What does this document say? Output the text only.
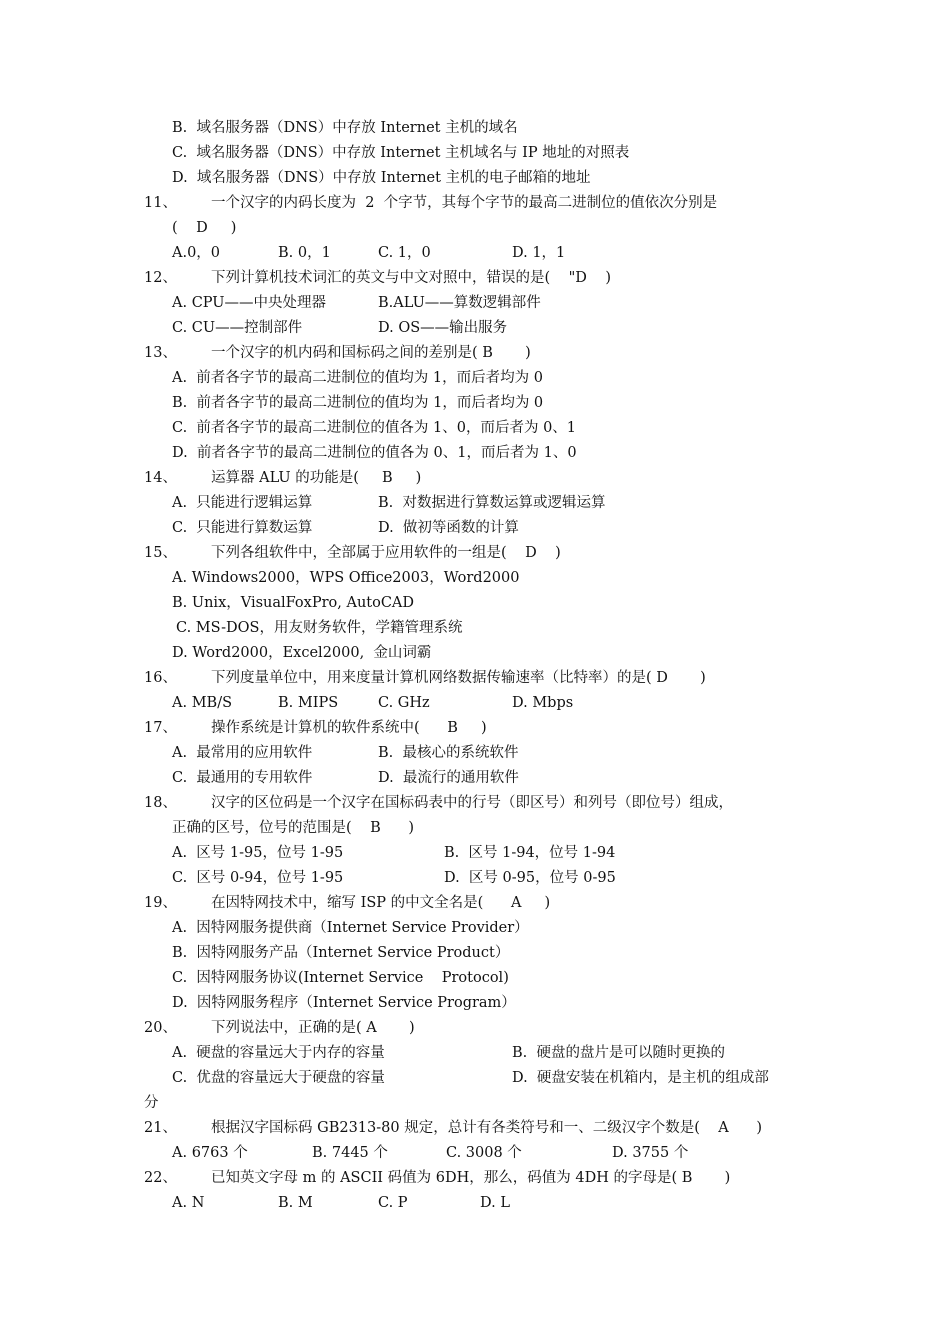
B.  域名服务器（DNS）中存放 Internet 主机的域名
C.  域名服务器（DNS）中存放 Internet 主机域名与 IP 地址的对照表
D.  域名服务器（DNS）中存放 Internet 主机的电子邮箱的地址
11、 一个汉字的内码长度为  2  个字节，其每个字节的最高二进制位的值依次分别是
(    D     )
A.0，0	B. 0，1	C. 1，0	D. 1，1
12、 下列计算机技术词汇的英文与中文对照中，错误的是(    "D    )
A. CPU——中央处理器	B.ALU——算数逻辑部件
C. CU——控制部件	D. OS——输出服务
13、 一个汉字的机内码和国标码之间的差别是( B       )
A.  前者各字节的最高二进制位的值均为 1，而后者均为 0
B.  前者各字节的最高二进制位的值均为 1，而后者均为 0
C.  前者各字节的最高二进制位的值各为 1、0，而后者为 0、1
D.  前者各字节的最高二进制位的值各为 0、1，而后者为 1、0
14、 运算器 ALU 的功能是(     B     )
A.  只能进行逻辑运算	B.  对数据进行算数运算或逻辑运算
C.  只能进行算数运算	D.  做初等函数的计算
15、 下列各组软件中，全部属于应用软件的一组是(    D    )
A. Windows2000，WPS Office2003，Word2000
B. Unix，VisualFoxPro, AutoCAD
C. MS-DOS，用友财务软件，学籍管理系统
D. Word2000，Excel2000,  金山词霸
16、 下列度量单位中，用来度量计算机网络数据传输速率（比特率）的是( D       )
A. MB/S	B. MIPS	C. GHz	D. Mbps
17、 操作系统是计算机的软件系统中(      B     )
A.  最常用的应用软件	B.  最核心的系统软件
C.  最通用的专用软件	D.  最流行的通用软件
18、 汉字的区位码是一个汉字在国标码表中的行号（即区号）和列号（即位号）组成，
正确的区号，位号的范围是(    B      )
A.  区号 1-95，位号 1-95	B.  区号 1-94，位号 1-94
C.  区号 0-94，位号 1-95	D.  区号 0-95，位号 0-95
19、 在因特网技术中，缩写 ISP 的中文全名是(      A     )
A.  因特网服务提供商（Internet Service Provider）
B.  因特网服务产品（Internet Service Product）
C.  因特网服务协议(Internet Service    Protocol)
D.  因特网服务程序（Internet Service Program）
20、 下列说法中，正确的是( A       )
A.  硬盘的容量远大于内存的容量	B.  硬盘的盘片是可以随时更换的
C.  优盘的容量远大于硬盘的容量	D.  硬盘安装在机箱内，是主机的组成部
分
21、 根据汉字国标码 GB2313-80 规定，总计有各类符号和一、二级汉字个数是(    A      )
A. 6763 个	B. 7445 个	C. 3008 个	D. 3755 个
22、 已知英文字母 m 的 ASCII 码值为 6DH，那么，码值为 4DH 的字母是( B       )
A. N	B. M	C. P	D. L
